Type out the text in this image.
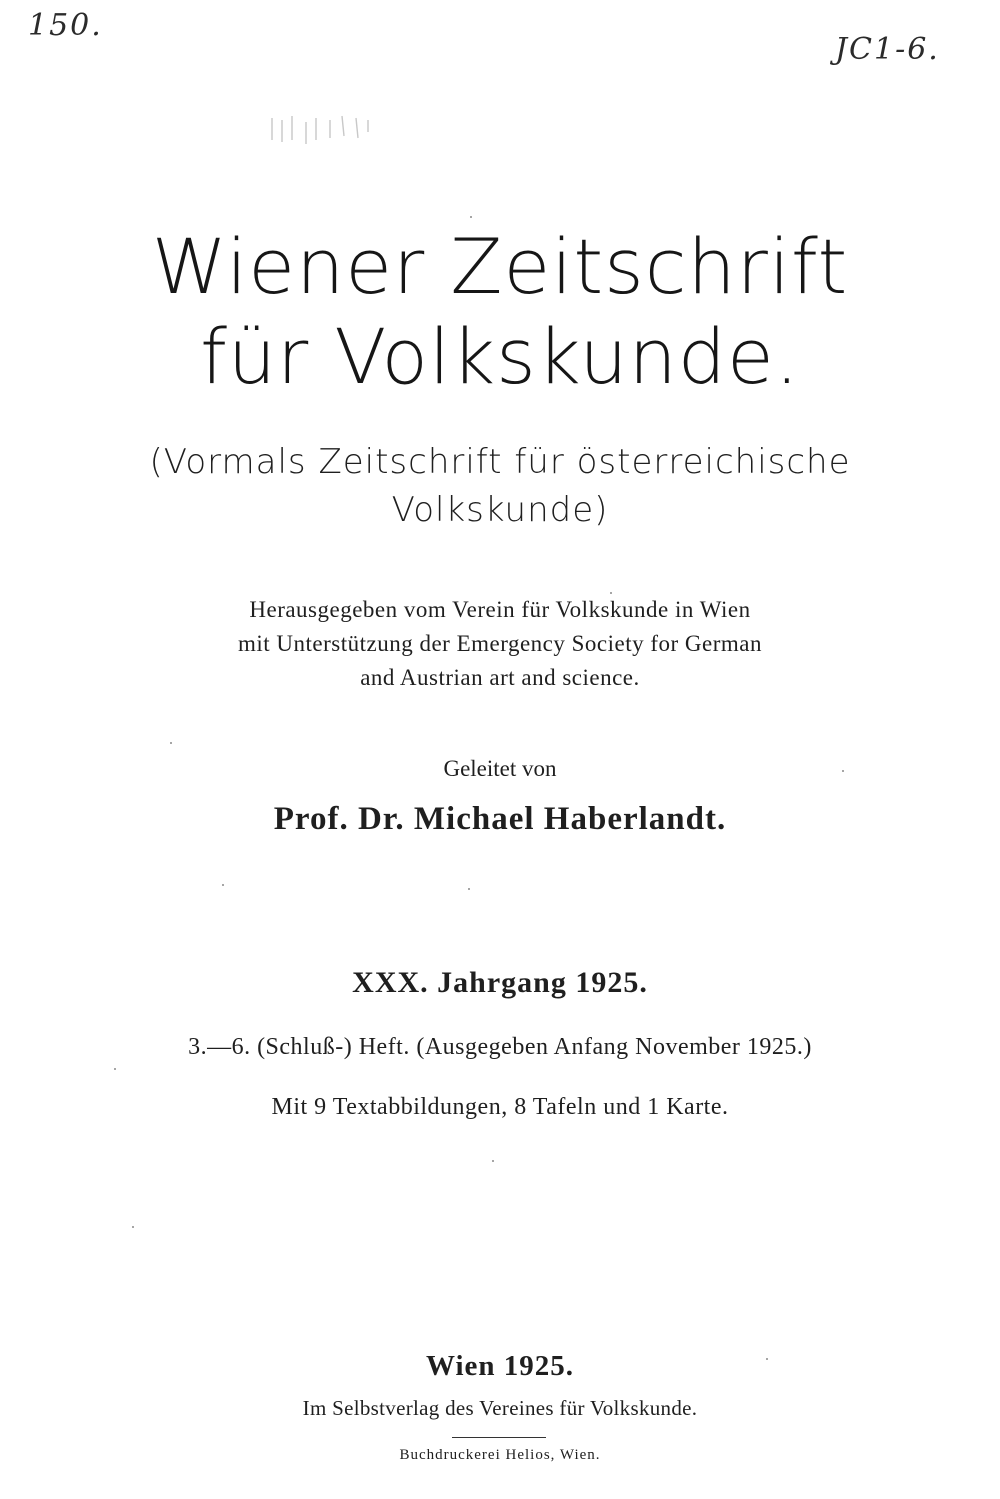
150.
JC1-6.
Wiener Zeitschrift
für Volkskunde.
(Vormals Zeitschrift für österreichische
Volkskunde)
Herausgegeben vom Verein für Volkskunde in Wien
mit Unterstützung der Emergency Society for German
and Austrian art and science.
Geleitet von
Prof. Dr. Michael Haberlandt.
XXX. Jahrgang 1925.
3.—6. (Schluß-) Heft. (Ausgegeben Anfang November 1925.)
Mit 9 Textabbildungen, 8 Tafeln und 1 Karte.
Wien 1925.
Im Selbstverlag des Vereines für Volkskunde.
Buchdruckerei Helios, Wien.
